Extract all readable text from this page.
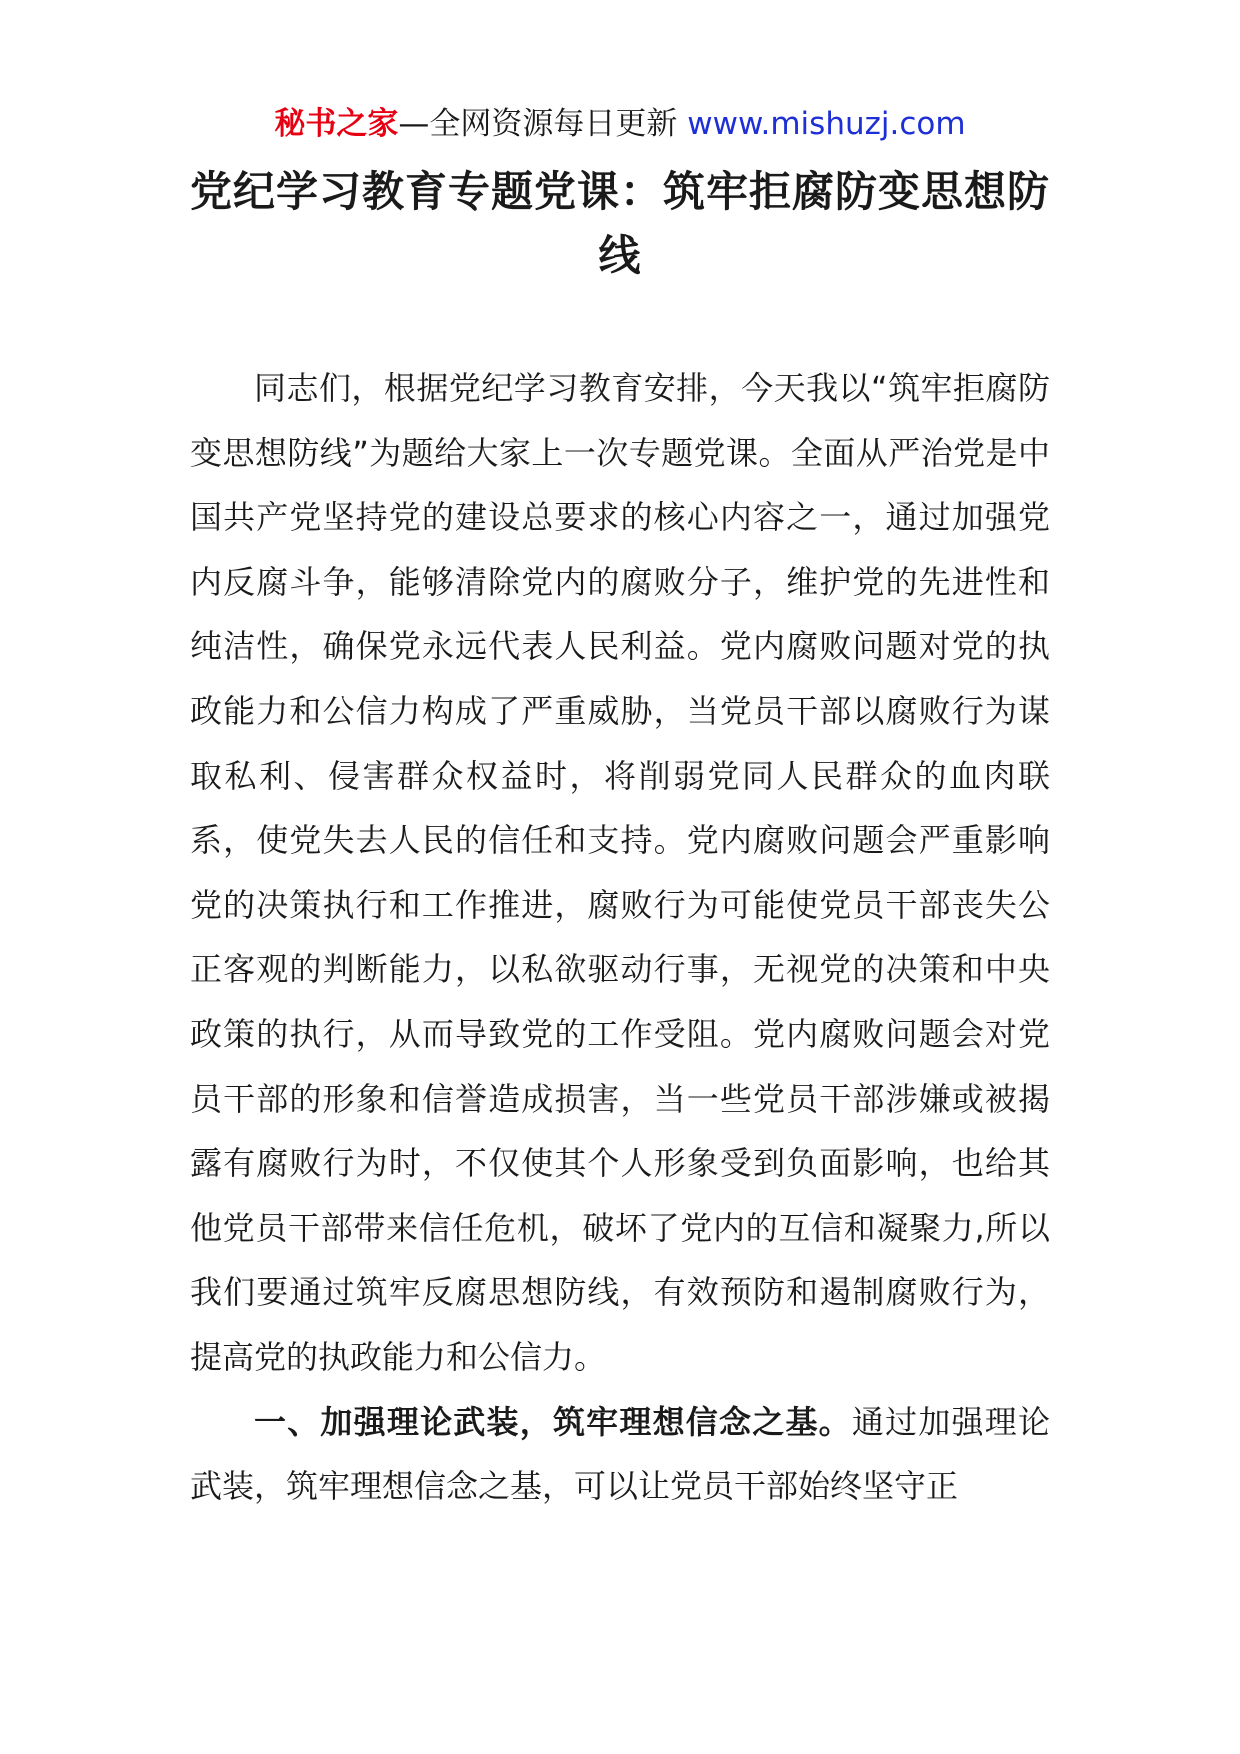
秘书之家—全网资源每日更新 www.mishuzj.com
党纪学习教育专题党课：筑牢拒腐防变思想防线

同志们，根据党纪学习教育安排，今天我以“筑牢拒腐防变思想防线”为题给大家上一次专题党课。全面从严治党是中国共产党坚持党的建设总要求的核心内容之一，通过加强党内反腐斗争，能够清除党内的腐败分子，维护党的先进性和纯洁性，确保党永远代表人民利益。党内腐败问题对党的执政能力和公信力构成了严重威胁，当党员干部以腐败行为谋取私利、侵害群众权益时，将削弱党同人民群众的血肉联系，使党失去人民的信任和支持。党内腐败问题会严重影响党的决策执行和工作推进，腐败行为可能使党员干部丧失公正客观的判断能力，以私欲驱动行事，无视党的决策和中央政策的执行，从而导致党的工作受阻。党内腐败问题会对党员干部的形象和信誉造成损害，当一些党员干部涉嫌或被揭露有腐败行为时，不仅使其个人形象受到负面影响，也给其他党员干部带来信任危机，破坏了党内的互信和凝聚力,所以我们要通过筑牢反腐思想防线，有效预防和遏制腐败行为，提高党的执政能力和公信力。

一、加强理论武装，筑牢理想信念之基。通过加强理论武装，筑牢理想信念之基，可以让党员干部始终坚守正
